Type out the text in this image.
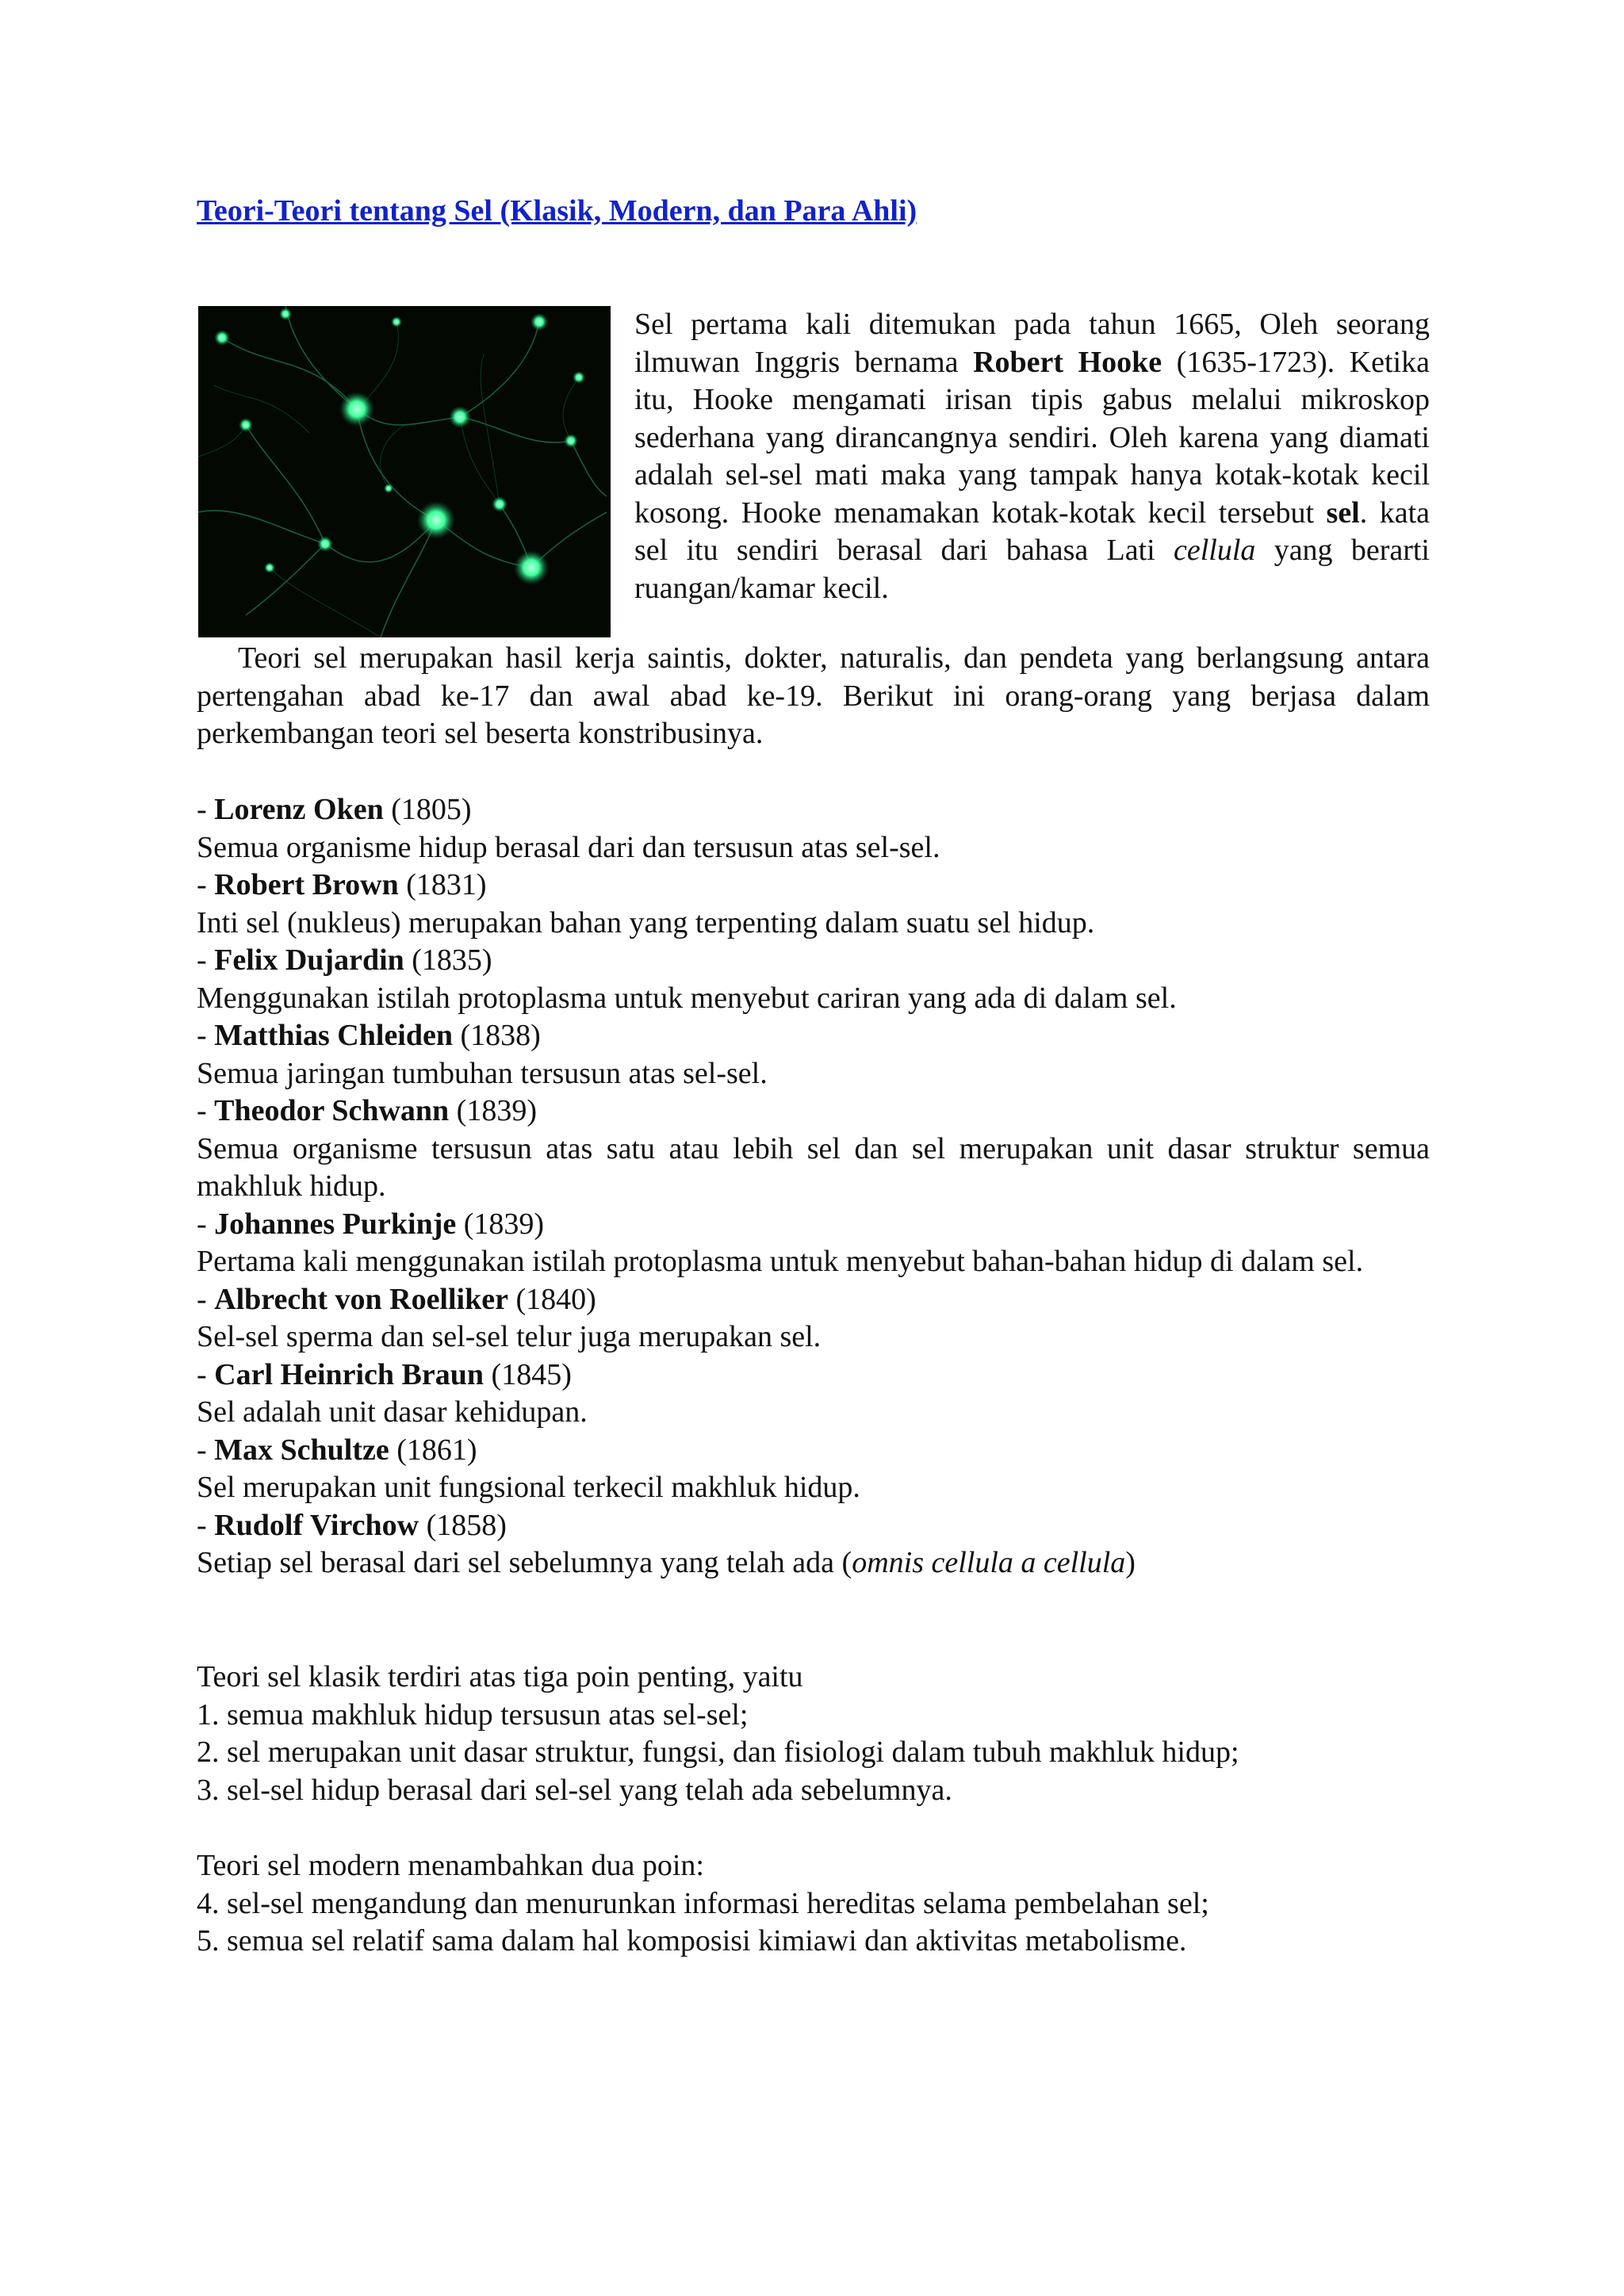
Teori-Teori tentang Sel (Klasik, Modern, dan Para Ahli)

Sel pertama kali ditemukan pada tahun 1665, Oleh seorang ilmuwan Inggris bernama Robert Hooke (1635-1723). Ketika itu, Hooke mengamati irisan tipis gabus melalui mikroskop sederhana yang dirancangnya sendiri. Oleh karena yang diamati adalah sel-sel mati maka yang tampak hanya kotak-kotak kecil kosong. Hooke menamakan kotak-kotak kecil tersebut sel. kata sel itu sendiri berasal dari bahasa Lati cellula yang berarti ruangan/kamar kecil.

Teori sel merupakan hasil kerja saintis, dokter, naturalis, dan pendeta yang berlangsung antara pertengahan abad ke-17 dan awal abad ke-19. Berikut ini orang-orang yang berjasa dalam perkembangan teori sel beserta konstribusinya.

- Lorenz Oken (1805)

Semua organisme hidup berasal dari dan tersusun atas sel-sel.

- Robert Brown (1831)

Inti sel (nukleus) merupakan bahan yang terpenting dalam suatu sel hidup.

- Felix Dujardin (1835)

Menggunakan istilah protoplasma untuk menyebut cariran yang ada di dalam sel.

- Matthias Chleiden (1838)

Semua jaringan tumbuhan tersusun atas sel-sel.

- Theodor Schwann (1839)

Semua organisme tersusun atas satu atau lebih sel dan sel merupakan unit dasar struktur semua makhluk hidup.

- Johannes Purkinje (1839)

Pertama kali menggunakan istilah protoplasma untuk menyebut bahan-bahan hidup di dalam sel.

- Albrecht von Roelliker (1840)

Sel-sel sperma dan sel-sel telur juga merupakan sel.

- Carl Heinrich Braun (1845)

Sel adalah unit dasar kehidupan.

- Max Schultze (1861)

Sel merupakan unit fungsional terkecil makhluk hidup.

- Rudolf Virchow (1858)

Setiap sel berasal dari sel sebelumnya yang telah ada (omnis cellula a cellula)

Teori sel klasik terdiri atas tiga poin penting, yaitu

1. semua makhluk hidup tersusun atas sel-sel;

2. sel merupakan unit dasar struktur, fungsi, dan fisiologi dalam tubuh makhluk hidup;

3. sel-sel hidup berasal dari sel-sel yang telah ada sebelumnya.

Teori sel modern menambahkan dua poin:

4. sel-sel mengandung dan menurunkan informasi hereditas selama pembelahan sel;

5. semua sel relatif sama dalam hal komposisi kimiawi dan aktivitas metabolisme.
